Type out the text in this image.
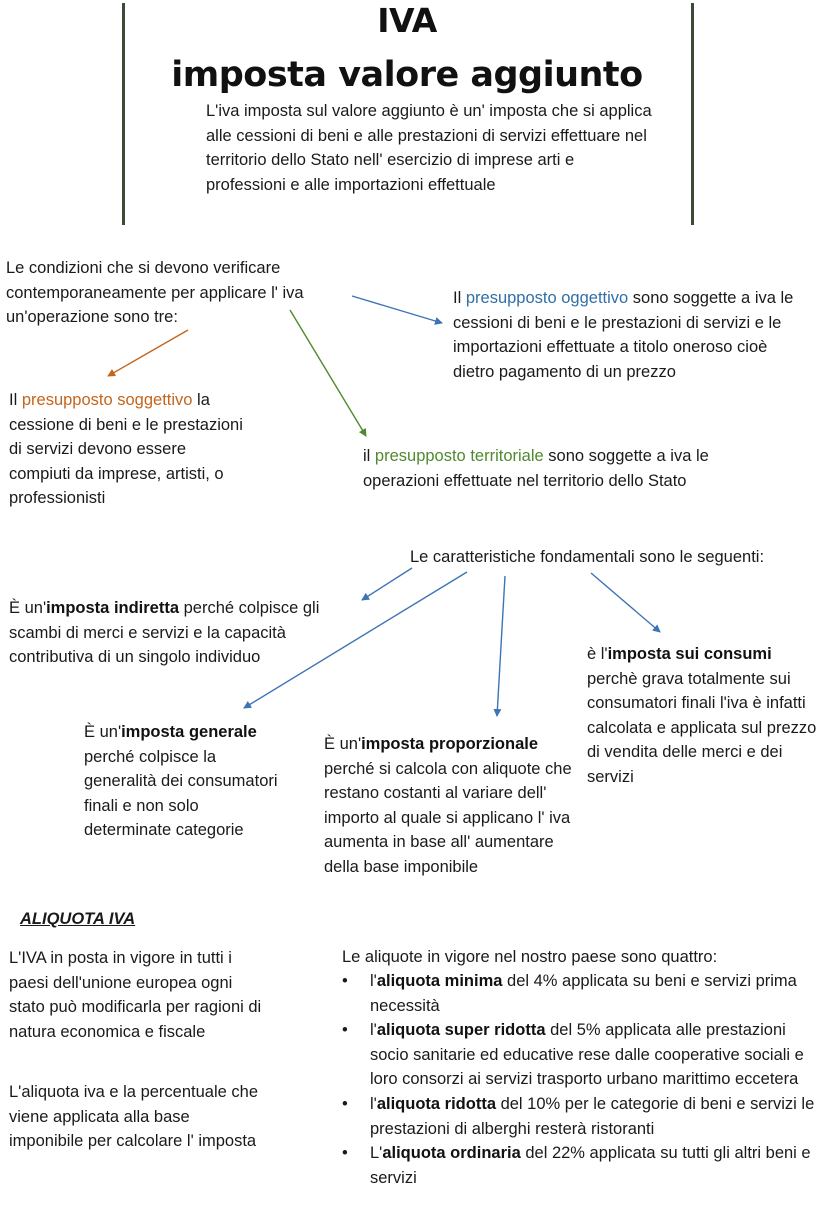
IVA
imposta valore aggiunto
L'iva imposta sul valore aggiunto è un' imposta che si applica alle cessioni di beni e alle prestazioni di servizi effettuare nel territorio dello Stato nell' esercizio di imprese arti e professioni e alle importazioni effettuale
Le condizioni che si devono verificare contemporaneamente per applicare l' iva un'operazione sono tre:
Il presupposto oggettivo sono soggette a iva le cessioni di beni e le prestazioni di servizi e le importazioni effettuate a titolo oneroso cioè dietro pagamento di un prezzo
Il presupposto soggettivo la cessione di beni e le prestazioni di servizi devono essere compiuti da imprese, artisti, o professionisti
il presupposto territoriale sono soggette a iva le operazioni effettuate nel territorio dello Stato
Le caratteristiche fondamentali sono le seguenti:
È un'imposta indiretta perché colpisce gli scambi di merci e servizi e la capacità contributiva di un singolo individuo	è l'imposta sui consumi perchè grava totalmente sui consumatori finali l'iva è infatti calcolata e applicata sul prezzo di vendita delle merci e dei servizi
È un'imposta generale perché colpisce la generalità dei consumatori finali e non solo determinate categorie
È un'imposta proporzionale perché si calcola con aliquote che restano costanti al variare dell' importo al quale si applicano l' iva aumenta in base all' aumentare della base imponibile
ALIQUOTA IVA
L'IVA in posta in vigore in tutti i paesi dell'unione europea ogni stato può modificarla per ragioni di natura economica e fiscale
L'aliquota iva e la percentuale che viene applicata alla base imponibile per calcolare l' imposta
Le aliquote in vigore nel nostro paese sono quattro:
• l'aliquota minima del 4% applicata su beni e servizi prima necessità
• l'aliquota super ridotta del 5% applicata alle prestazioni socio sanitarie ed educative rese dalle cooperative sociali e loro consorzi ai servizi trasporto urbano marittimo eccetera
• l'aliquota ridotta del 10% per le categorie di beni e servizi le prestazioni di alberghi resterà ristoranti
• L'aliquota ordinaria del 22% applicata su tutti gli altri beni e servizi
